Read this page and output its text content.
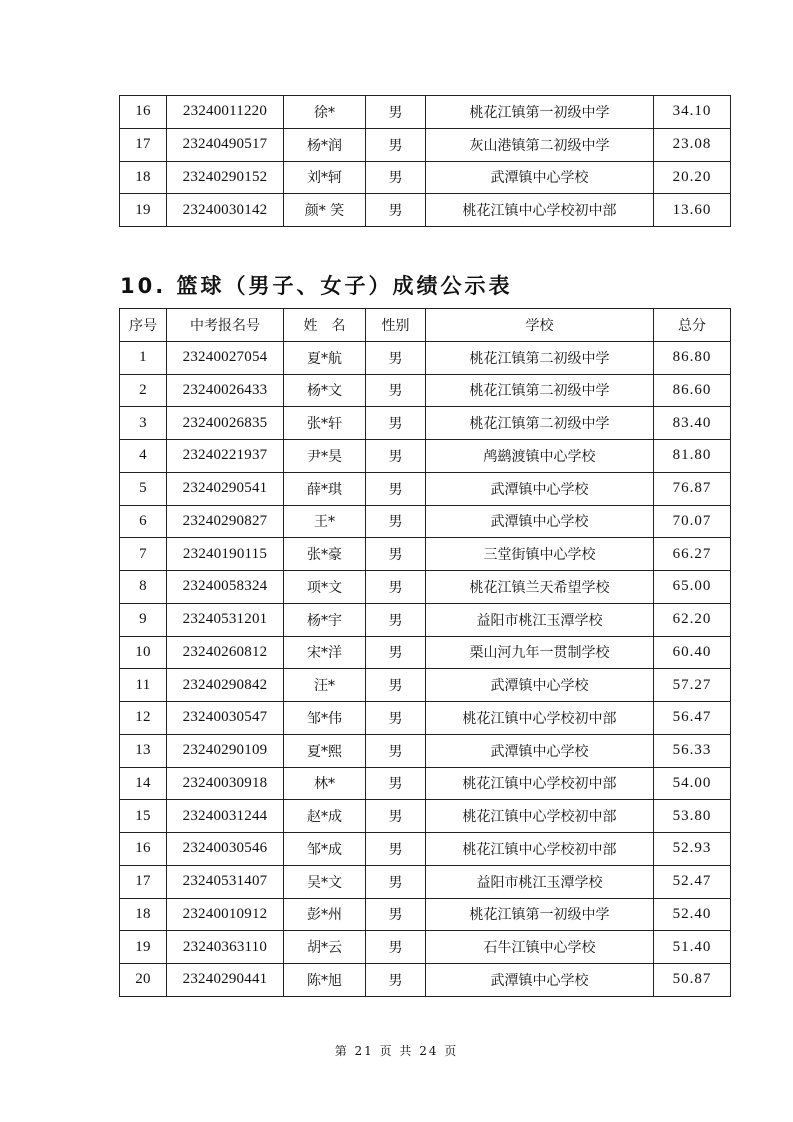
16	23240011220	徐*	男	桃花江镇第一初级中学	34.10
17	23240490517	杨*润	男	灰山港镇第二初级中学	23.08
18	23240290152	刘*轲	男	武潭镇中心学校	20.20
19	23240030142	颜* 笑	男	桃花江镇中心学校初中部	13.60
10. 篮球（男子、女子）成绩公示表
序号	中考报名号	姓　名	性别	学校	总分
1	23240027054	夏*航	男	桃花江镇第二初级中学	86.80
2	23240026433	杨*文	男	桃花江镇第二初级中学	86.60
3	23240026835	张*轩	男	桃花江镇第二初级中学	83.40
4	23240221937	尹*昊	男	鸬鹚渡镇中心学校	81.80
5	23240290541	薛*琪	男	武潭镇中心学校	76.87
6	23240290827	王*	男	武潭镇中心学校	70.07
7	23240190115	张*豪	男	三堂街镇中心学校	66.27
8	23240058324	项*文	男	桃花江镇兰天希望学校	65.00
9	23240531201	杨*宇	男	益阳市桃江玉潭学校	62.20
10	23240260812	宋*洋	男	栗山河九年一贯制学校	60.40
11	23240290842	汪*	男	武潭镇中心学校	57.27
12	23240030547	邹*伟	男	桃花江镇中心学校初中部	56.47
13	23240290109	夏*熙	男	武潭镇中心学校	56.33
14	23240030918	林*	男	桃花江镇中心学校初中部	54.00
15	23240031244	赵*成	男	桃花江镇中心学校初中部	53.80
16	23240030546	邹*成	男	桃花江镇中心学校初中部	52.93
17	23240531407	吴*文	男	益阳市桃江玉潭学校	52.47
18	23240010912	彭*州	男	桃花江镇第一初级中学	52.40
19	23240363110	胡*云	男	石牛江镇中心学校	51.40
20	23240290441	陈*旭	男	武潭镇中心学校	50.87
第 21 页 共 24 页
